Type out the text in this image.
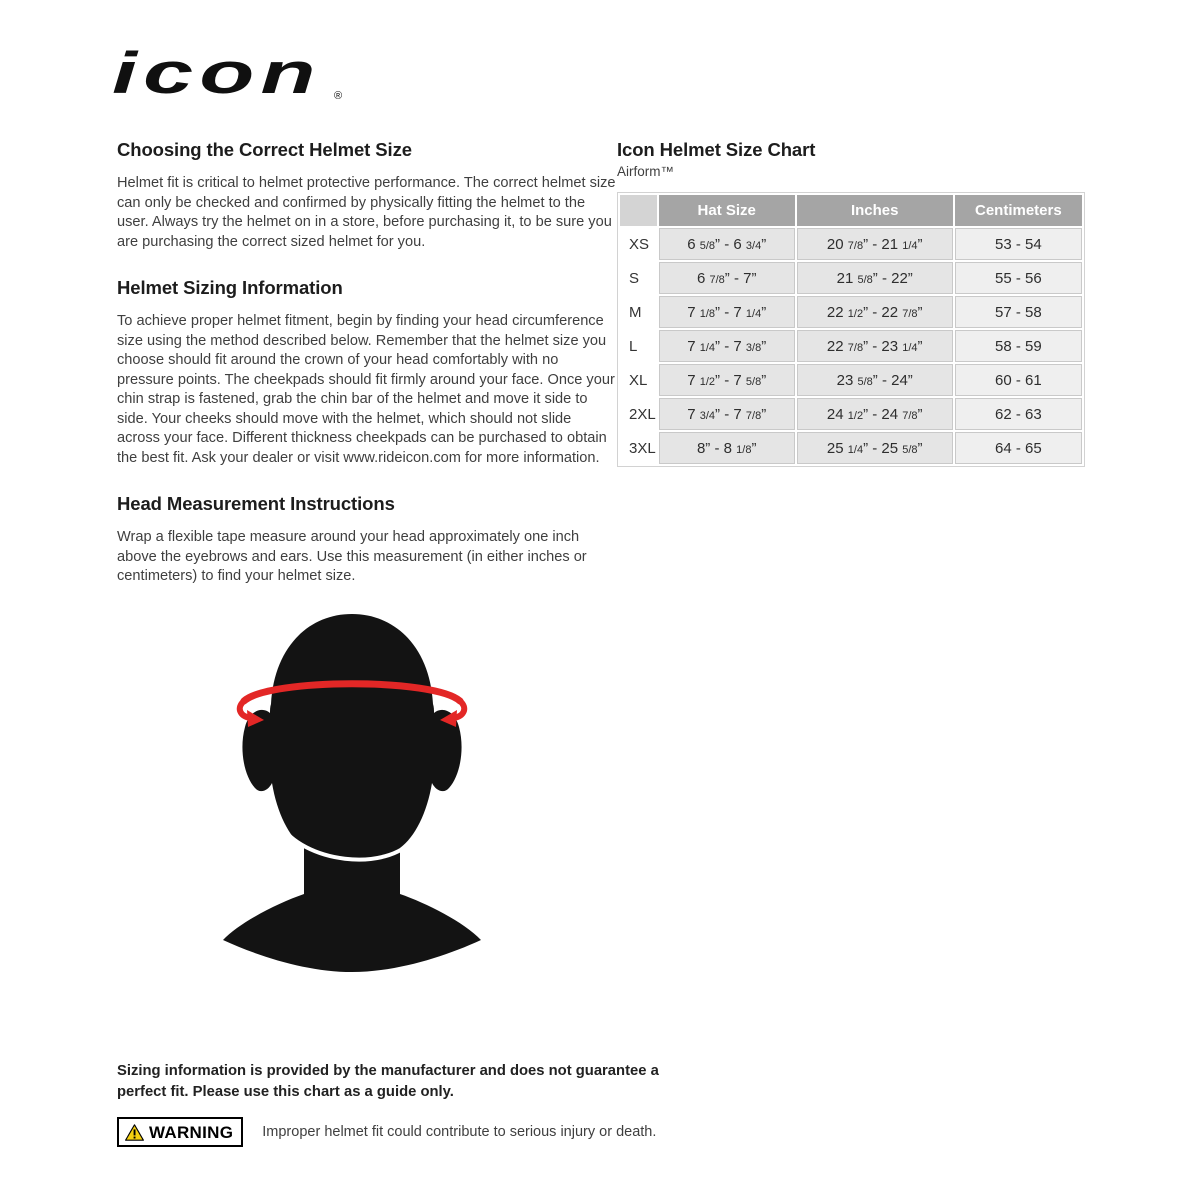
icon ®
Choosing the Correct Helmet Size

Helmet fit is critical to helmet protective performance. The correct helmet size can only be checked and confirmed by physically fitting the helmet to the user. Always try the helmet on in a store, before purchasing it, to be sure you are purchasing the correct sized helmet for you.

Helmet Sizing Information

To achieve proper helmet fitment, begin by finding your head circumference size using the method described below. Remember that the helmet size you choose should fit around the crown of your head comfortably with no pressure points. The cheekpads should fit firmly around your face. Once your chin strap is fastened, grab the chin bar of the helmet and move it side to side. Your cheeks should move with the helmet, which should not slide across your face. Different thickness cheekpads can be purchased to obtain the best fit. Ask your dealer or visit www.rideicon.com for more information.

Head Measurement Instructions

Wrap a flexible tape measure around your head approximately one inch above the eyebrows and ears. Use this measurement (in either inches or centimeters) to find your helmet size.

Icon Helmet Size Chart

Airform™

	Hat Size	Inches	Centimeters
XS	6 5/8” - 6 3/4”	20 7/8” - 21 1/4”	53 - 54
S	6 7/8” - 7”	21 5/8” - 22”	55 - 56
M	7 1/8” - 7 1/4”	22 1/2” - 22 7/8”	57 - 58
L	7 1/4” - 7 3/8”	22 7/8” - 23 1/4”	58 - 59
XL	7 1/2” - 7 5/8”	23 5/8” - 24”	60 - 61
2XL	7 3/4” - 7 7/8”	24 1/2” - 24 7/8”	62 - 63
3XL	8” - 8 1/8”	25 1/4” - 25 5/8”	64 - 65

Sizing information is provided by the manufacturer and does not guarantee a perfect fit. Please use this chart as a guide only.

WARNING Improper helmet fit could contribute to serious injury or death.
